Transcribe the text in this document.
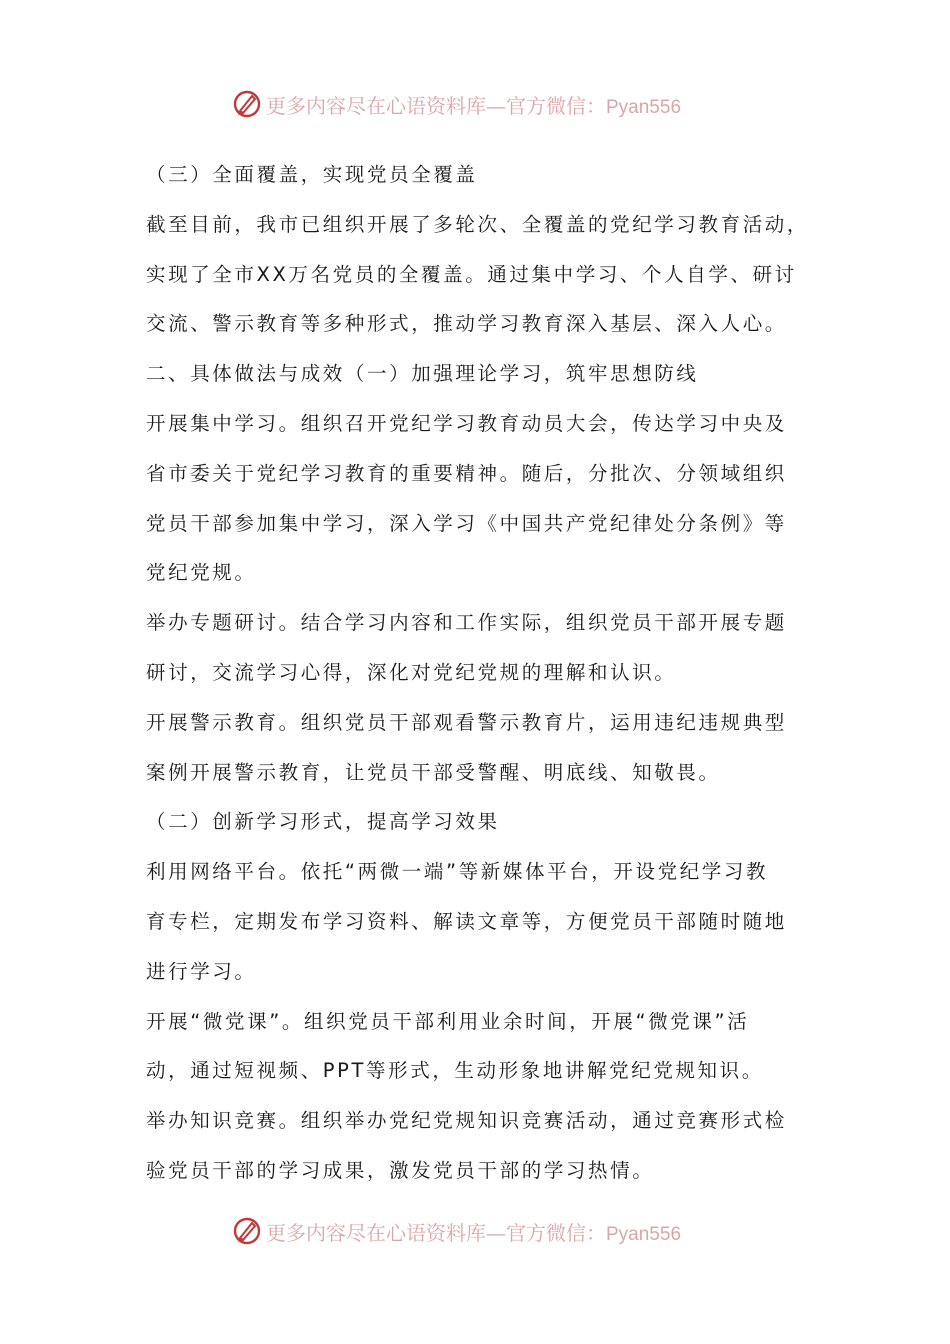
更多内容尽在心语资料库—官方微信：Pyan556
（三）全面覆盖，实现党员全覆盖
截至目前，我市已组织开展了多轮次、全覆盖的党纪学习教育活动，
实现了全市XX万名党员的全覆盖。通过集中学习、个人自学、研讨
交流、警示教育等多种形式，推动学习教育深入基层、深入人心。
二、具体做法与成效（一）加强理论学习，筑牢思想防线
开展集中学习。组织召开党纪学习教育动员大会，传达学习中央及
省市委关于党纪学习教育的重要精神。随后，分批次、分领域组织
党员干部参加集中学习，深入学习《中国共产党纪律处分条例》等
党纪党规。
举办专题研讨。结合学习内容和工作实际，组织党员干部开展专题
研讨，交流学习心得，深化对党纪党规的理解和认识。
开展警示教育。组织党员干部观看警示教育片，运用违纪违规典型
案例开展警示教育，让党员干部受警醒、明底线、知敬畏。
（二）创新学习形式，提高学习效果
利用网络平台。依托“两微一端”等新媒体平台，开设党纪学习教
育专栏，定期发布学习资料、解读文章等，方便党员干部随时随地
进行学习。
开展“微党课”。组织党员干部利用业余时间，开展“微党课”活
动，通过短视频、PPT等形式，生动形象地讲解党纪党规知识。
举办知识竞赛。组织举办党纪党规知识竞赛活动，通过竞赛形式检
验党员干部的学习成果，激发党员干部的学习热情。
更多内容尽在心语资料库—官方微信：Pyan556
